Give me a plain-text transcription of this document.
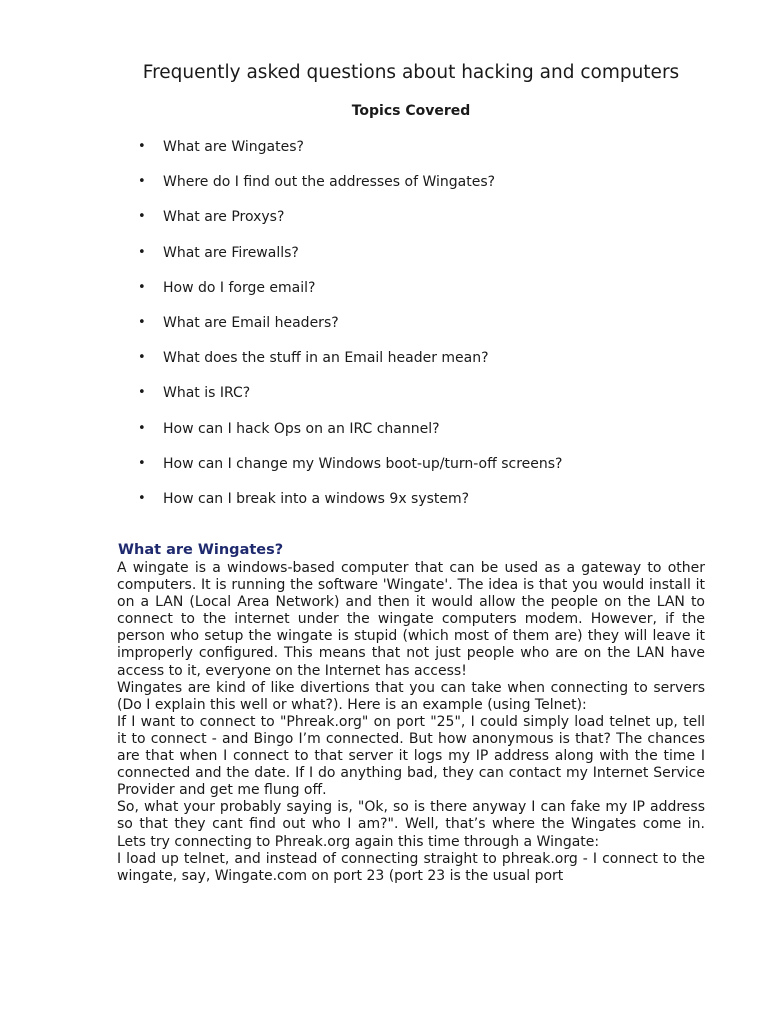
Frequently asked questions about hacking and computers
Topics Covered
• What are Wingates?
• Where do I find out the addresses of Wingates?
• What are Proxys?
• What are Firewalls?
• How do I forge email?
• What are Email headers?
• What does the stuff in an Email header mean?
• What is IRC?
• How can I hack Ops on an IRC channel?
• How can I change my Windows boot-up/turn-off screens?
• How can I break into a windows 9x system?
What are Wingates?

A wingate is a windows-based computer that can be used as a gateway to other computers. It is running the software 'Wingate'. The idea is that you would install it on a LAN (Local Area Network) and then it would allow the people on the LAN to connect to the internet under the wingate computers modem. However, if the person who setup the wingate is stupid (which most of them are) they will leave it improperly configured. This means that not just people who are on the LAN have access to it, everyone on the Internet has access!

Wingates are kind of like divertions that you can take when connecting to servers (Do I explain this well or what?). Here is an example (using Telnet):

If I want to connect to "Phreak.org" on port "25", I could simply load telnet up, tell it to connect - and Bingo I’m connected. But how anonymous is that? The chances are that when I connect to that server it logs my IP address along with the time I connected and the date. If I do anything bad, they can contact my Internet Service Provider and get me flung off.

So, what your probably saying is, "Ok, so is there anyway I can fake my IP address so that they cant find out who I am?". Well, that’s where the Wingates come in. Lets try connecting to Phreak.org again this time through a Wingate:

I load up telnet, and instead of connecting straight to phreak.org - I connect to the wingate, say, Wingate.com on port 23 (port 23 is the usual port
